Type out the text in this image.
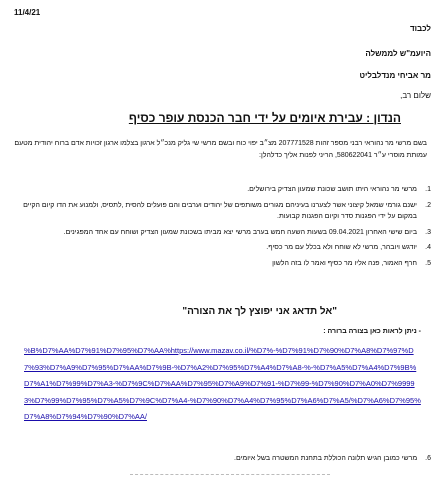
11/4/21
לכבוד
היועמ"ש לממשלה
מר אביחי מנדלבליט
שלום רב,
הנדון : עבירת איומים על ידי חבר הכנסת עופר כסיף
בשם מרשי מר נהוראי רבני מספר זהות 207771528 מצ״ב יפוי כוח ובשם מרשי שי גליק מנכ״ל ארגון בצלמו ארגון זכויות אדם ברוח יהודית מטעם עמותת מוסרי ע״ר 580622041, הריני לפנות אליך כדלהלן:
1.
מרשי מר נהוראי היתו תושב שכונת שמעון הצדיק בירושלים.
2.
ישנם גורמי שמאל קיצוני אשר לצערנו בעיניהם מגורים משותפים של יהודים וערבים והם פועלים להסית ,לתסיס, ולמנוע את הדו קיום הקיים במקום על ידי הפגנות סדר וקיום הפגנות קבועות.
3.
ביום שישי האחרון 09.04.2021 בשעות השעה חמש בערב מרשי יצא מביתו בשכונת שמעון הצדיק ושוחח עם אחד המפגינים.
4.
יודגש ויובהר, מרשי לא שוחח ולא בכלל עם מר כסיף.
5.
חרף האמור, פנה אליו מר כסיף ואמר לו בזה הלשון
"אל תדאג אני יפוצץ לך את הצורה"
- ניתן לראות כאן בצורה ברורה :
%B%D7%AA%D7%91%D7%95%D7%AA%https://www.mazav.co.il/%D7%-%D7%91%D7%90%D7%A8%D7%97%D7%93%D7%A9%D7%95%D7%AA%D7%9B-%D7%A2%D7%95%D7%A4%D7%A8-%-%D7%A5%D7%A4%D7%9B%D7%A1%D7%99%D7%A3-%D7%9C%D7%AA%D7%95%D7%A9%D7%91-%D7%99-%D7%90%D7%A0%D7%99993%D7%99%D7%95%D7%A5%D7%9C%D7%A4-%D7%90%D7%A4%D7%95%D7%A6%D7%A5/%D7%A6%D7%95%D7%A8%D7%94%D7%90%D7%AA/
6.מרשי כמובן הגיש תלונה הכוללת בתחנת המשטרה בשל איומים.
